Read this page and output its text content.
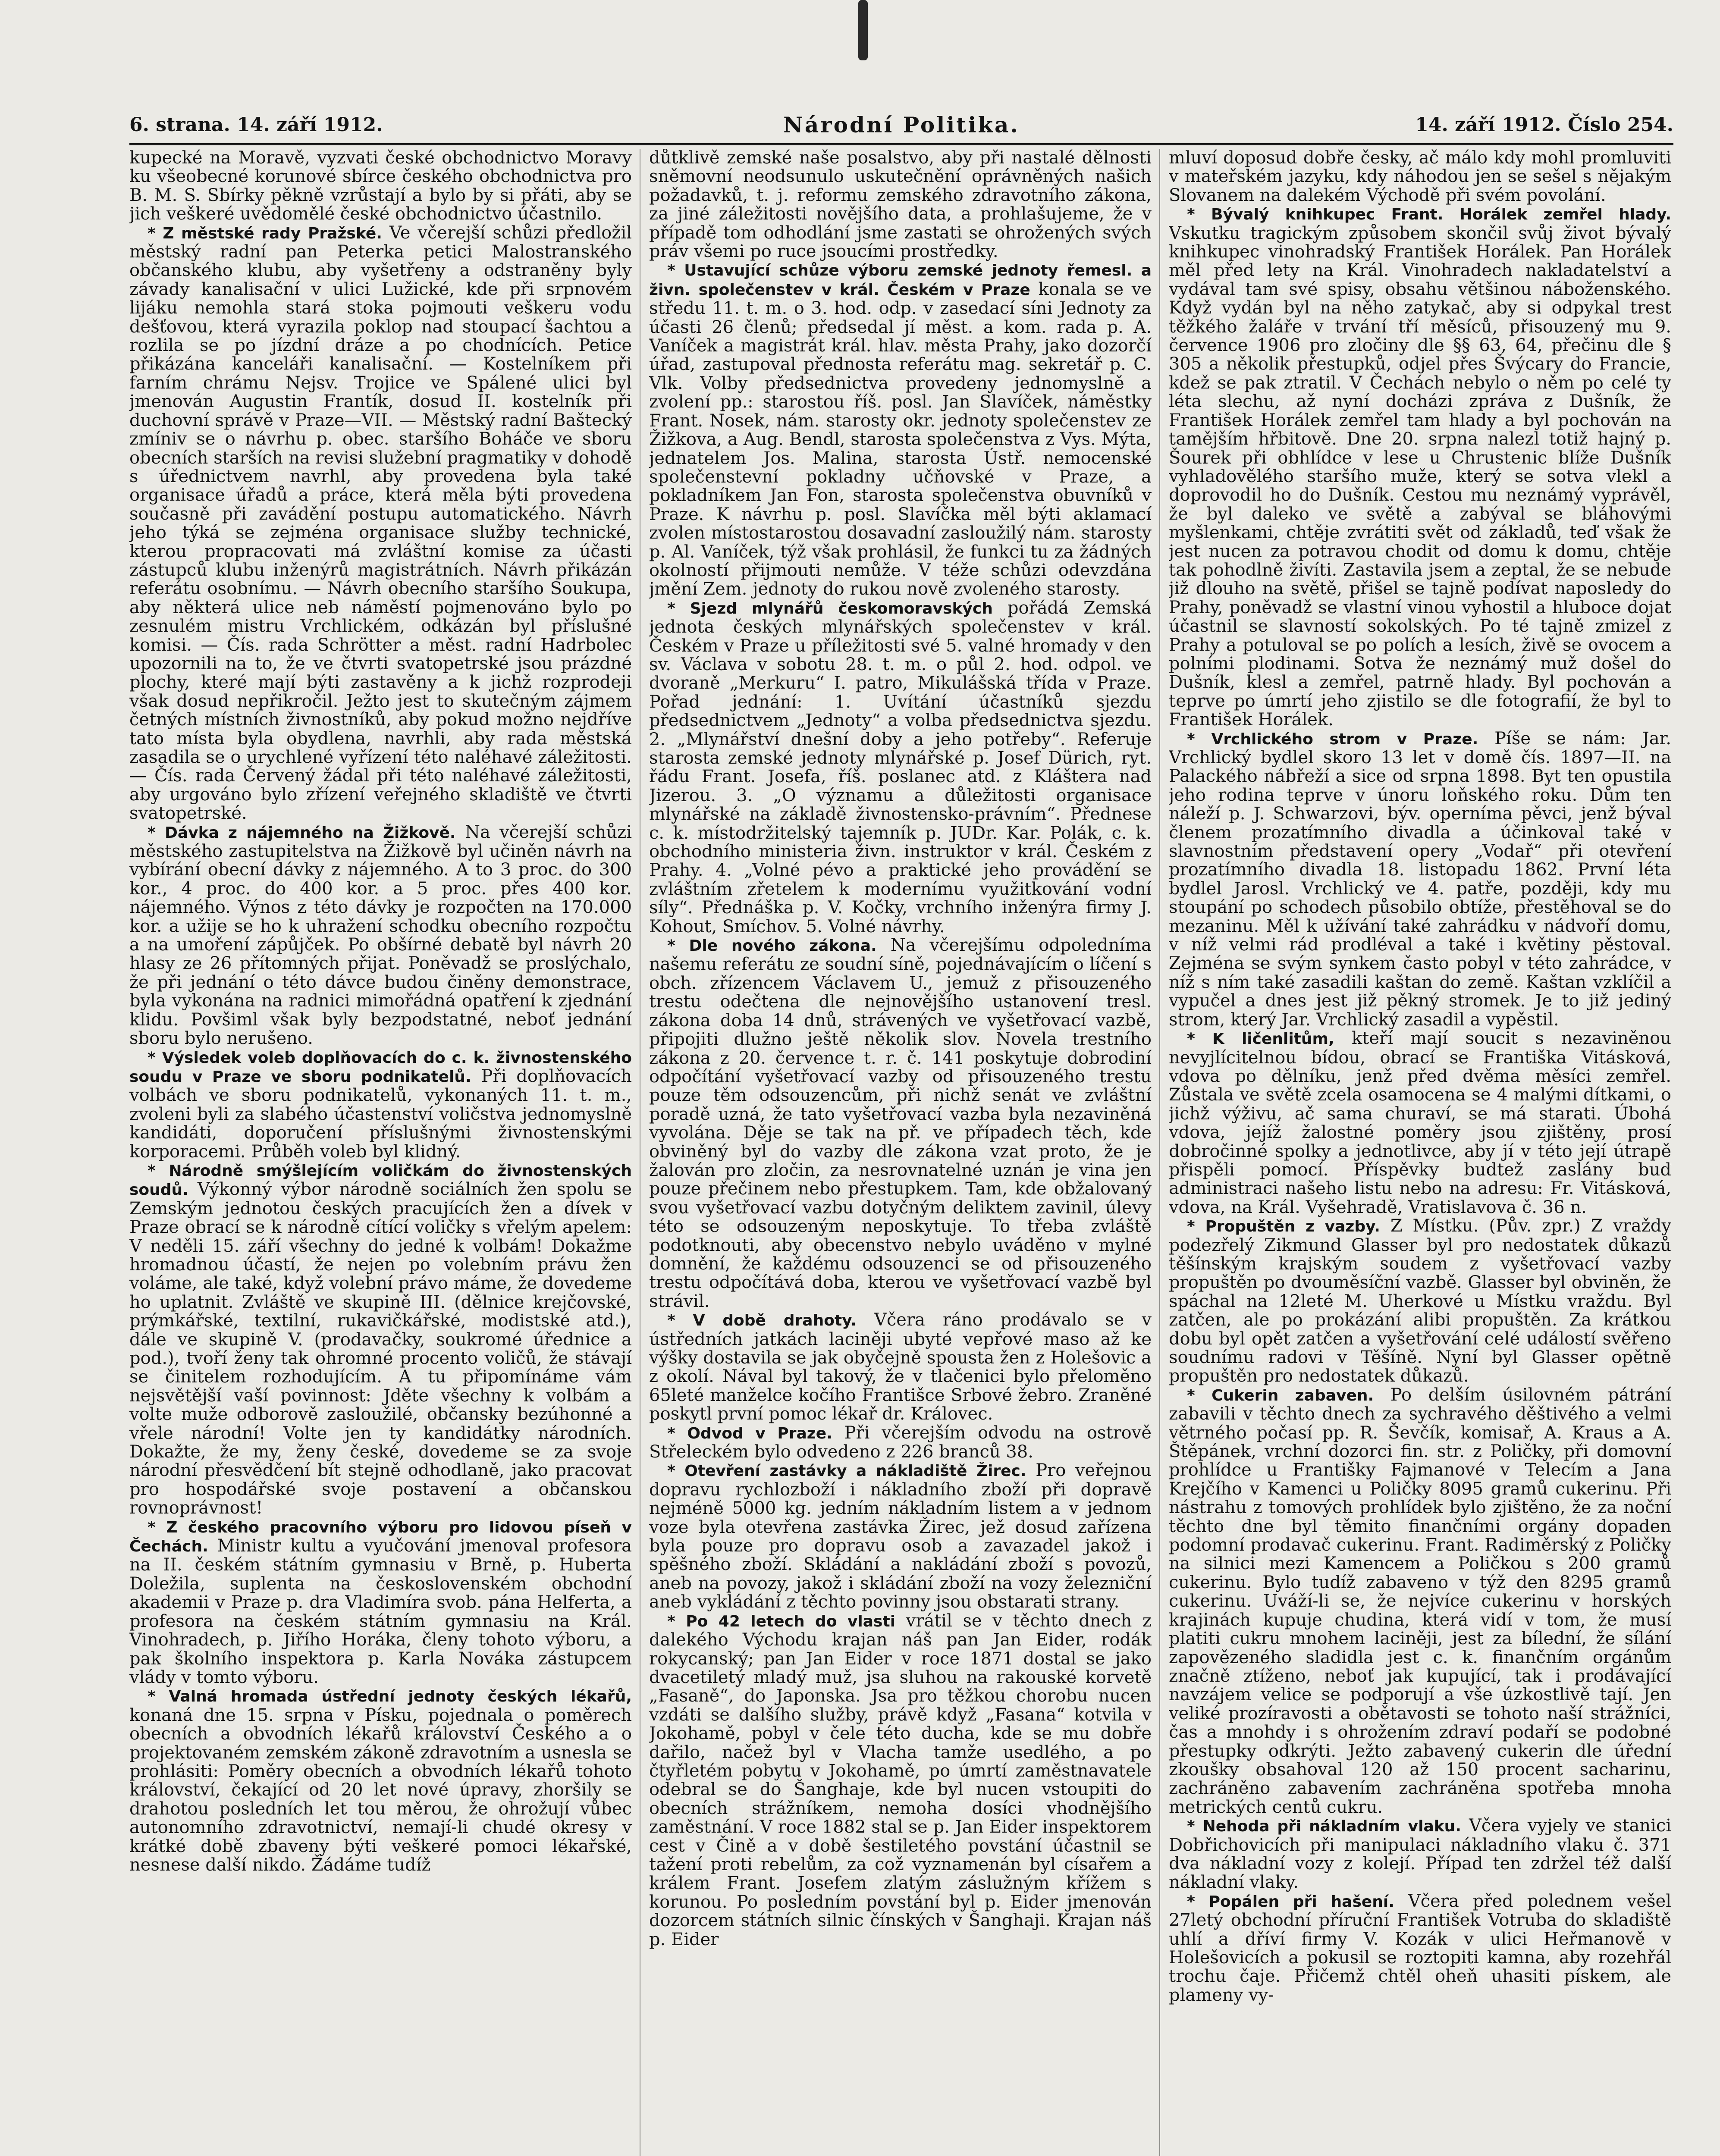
6. strana. 14. září 1912.	Národní Politika.	14. září 1912. Číslo 254.

kupecké na Moravě, vyzvati české obchodnictvo Moravy ku všeobecné korunové sbírce českého obchodnictva pro B. M. S. Sbírky pěkně vzrůstají a bylo by si přáti, aby se jich veškeré uvědomělé české obchodnictvo účastnilo.

* Z městské rady Pražské. Ve včerejší schůzi předložil městský radní pan Peterka petici Malostranského občanského klubu, aby vyšetřeny a odstraněny byly závady kanalisační v ulici Lužické, kde při srpnovém lijáku nemohla stará stoka pojmouti veškeru vodu dešťovou, která vyrazila poklop nad stoupací šachtou a rozlila se po jízdní dráze a po chodnících. Petice přikázána kanceláři kanalisační. — Kostelníkem při farním chrámu Nejsv. Trojice ve Spálené ulici byl jmenován Augustin Frantík, dosud II. kostelník při duchovní správě v Praze—VII. — Městský radní Baštecký zmíniv se o návrhu p. obec. staršího Boháče ve sboru obecních starších na revisi služební pragmatiky v dohodě s úřednictvem navrhl, aby provedena byla také organisace úřadů a práce, která měla býti provedena současně při zavádění postupu automatického. Návrh jeho týká se zejména organisace služby technické, kterou propracovati má zvláštní komise za účasti zástupců klubu inženýrů magistrátních. Návrh přikázán referátu osobnímu. — Návrh obecního staršího Soukupa, aby některá ulice neb náměstí pojmenováno bylo po zesnulém mistru Vrchlickém, odkázán byl příslušné komisi. — Čís. rada Schrötter a měst. radní Hadrbolec upozornili na to, že ve čtvrti svatopetrské jsou prázdné plochy, které mají býti zastavěny a k jichž rozprodeji však dosud nepřikročil. Ježto jest to skutečným zájmem četných místních živnostníků, aby pokud možno nejdříve tato místa byla obydlena, navrhli, aby rada městská zasadila se o urychlené vyřízení této naléhavé záležitosti. — Čís. rada Červený žádal při této naléhavé záležitosti, aby urgováno bylo zřízení veřejného skladiště ve čtvrti svatopetrské.

* Dávka z nájemného na Žižkově. Na včerejší schůzi městského zastupitelstva na Žižkově byl učiněn návrh na vybírání obecní dávky z nájemného. A to 3 proc. do 300 kor., 4 proc. do 400 kor. a 5 proc. přes 400 kor. nájemného. Výnos z této dávky je rozpočten na 170.000 kor. a užije se ho k uhražení schodku obecního rozpočtu a na umoření zápůjček. Po obšírné debatě byl návrh 20 hlasy ze 26 přítomných přijat. Poněvadž se proslýchalo, že při jednání o této dávce budou činěny demonstrace, byla vykonána na radnici mimořádná opatření k zjednání klidu. Povšiml však byly bezpodstatné, neboť jednání sboru bylo nerušeno.

* Výsledek voleb doplňovacích do c. k. živnostenského soudu v Praze ve sboru podnikatelů. Při doplňovacích volbách ve sboru podnikatelů, vykonaných 11. t. m., zvoleni byli za slabého účastenství voličstva jednomyslně kandidáti, doporučení příslušnými živnostenskými korporacemi. Průběh voleb byl klidný.

* Národně smýšlejícím voličkám do živnostenských soudů. Výkonný výbor národně sociálních žen spolu se Zemským jednotou českých pracujících žen a dívek v Praze obrací se k národně cítící voličky s vřelým apelem: V neděli 15. září všechny do jedné k volbám! Dokažme hromadnou účastí, že nejen po volebním právu žen voláme, ale také, když volební právo máme, že dovedeme ho uplatnit. Zvláště ve skupině III. (dělnice krejčovské, prýmkářské, textilní, rukavičkářské, modistské atd.), dále ve skupině V. (prodavačky, soukromé úřednice a pod.), tvoří ženy tak ohromné procento voličů, že stávají se činitelem rozhodujícím. A tu připomínáme vám nejsvětější vaší povinnost: Jděte všechny k volbám a volte muže odborově zasloužilé, občansky bezúhonné a vřele národní! Volte jen ty kandidátky národních. Dokažte, že my, ženy české, dovedeme se za svoje národní přesvědčení bít stejně odhodlaně, jako pracovat pro hospodářské svoje postavení a občanskou rovnoprávnost!

* Z českého pracovního výboru pro lidovou píseň v Čechách. Ministr kultu a vyučování jmenoval profesora na II. českém státním gymnasiu v Brně, p. Huberta Doležila, suplenta na československém obchodní akademii v Praze p. dra Vladimíra svob. pána Helferta, a profesora na českém státním gymnasiu na Král. Vinohradech, p. Jiřího Horáka, členy tohoto výboru, a pak školního inspektora p. Karla Nováka zástupcem vlády v tomto výboru.

* Valná hromada ústřední jednoty českých lékařů, konaná dne 15. srpna v Písku, pojednala o poměrech obecních a obvodních lékařů království Českého a o projektovaném zemském zákoně zdravotním a usnesla se prohlásiti: Poměry obecních a obvodních lékařů tohoto království, čekající od 20 let nové úpravy, zhoršily se drahotou posledních let tou měrou, že ohrožují vůbec autonomního zdravotnictví, nemají-li chudé okresy v krátké době zbaveny býti veškeré pomoci lékařské, nesnese další nikdo. Žádáme tudíž

důtklivě zemské naše posalstvo, aby při nastalé dělnosti sněmovní neodsunulo uskutečnění oprávněných našich požadavků, t. j. reformu zemského zdravotního zákona, za jiné záležitosti novějšího data, a prohlašujeme, že v případě tom odhodlání jsme zastati se ohrožených svých práv všemi po ruce jsoucími prostředky.

* Ustavující schůze výboru zemské jednoty řemesl. a živn. společenstev v král. Českém v Praze konala se ve středu 11. t. m. o 3. hod. odp. v zasedací síni Jednoty za účasti 26 členů; předsedal jí měst. a kom. rada p. A. Vaníček a magistrát král. hlav. města Prahy, jako dozorčí úřad, zastupoval přednosta referátu mag. sekretář p. C. Vlk. Volby předsednictva provedeny jednomyslně a zvolení pp.: starostou říš. posl. Jan Slavíček, náměstky Frant. Nosek, nám. starosty okr. jednoty společenstev ze Žižkova, a Aug. Bendl, starosta společenstva z Vys. Mýta, jednatelem Jos. Malina, starosta Ústř. nemocenské společenstevní pokladny učňovské v Praze, a pokladníkem Jan Fon, starosta společenstva obuvníků v Praze. K návrhu p. posl. Slavíčka měl býti aklamací zvolen místostarostou dosavadní zasloužilý nám. starosty p. Al. Vaníček, týž však prohlásil, že funkci tu za žádných okolností přijmouti nemůže. V téže schůzi odevzdána jmění Zem. jednoty do rukou nově zvoleného starosty.

* Sjezd mlynářů českomoravských pořádá Zemská jednota českých mlynářských společenstev v král. Českém v Praze u příležitosti své 5. valné hromady v den sv. Václava v sobotu 28. t. m. o půl 2. hod. odpol. ve dvoraně „Merkuru“ I. patro, Mikulášská třída v Praze. Pořad jednání: 1. Uvítání účastníků sjezdu předsednictvem „Jednoty“ a volba předsednictva sjezdu. 2. „Mlynářství dnešní doby a jeho potřeby“. Referuje starosta zemské jednoty mlynářské p. Josef Dürich, ryt. řádu Frant. Josefa, říš. poslanec atd. z Kláštera nad Jizerou. 3. „O významu a důležitosti organisace mlynářské na základě živnostensko-právním“. Přednese c. k. místodržitelský tajemník p. JUDr. Kar. Polák, c. k. obchodního ministeria živn. instruktor v král. Českém z Prahy. 4. „Volné pévo a praktické jeho provádění se zvláštním zřetelem k modernímu využitkování vodní síly“. Přednáška p. V. Kočky, vrchního inženýra firmy J. Kohout, Smíchov. 5. Volné návrhy.

* Dle nového zákona. Na včerejšímu odpoledníma našemu referátu ze soudní síně, pojednávajícím o líčení s obch. zřízencem Václavem U., jemuž z přisouzeného trestu odečtena dle nejnovějšího ustanovení tresl. zákona doba 14 dnů, strávených ve vyšetřovací vazbě, připojiti dlužno ještě několik slov. Novela trestního zákona z 20. července t. r. č. 141 poskytuje dobrodiní odpočítání vyšetřovací vazby od přisouzeného trestu pouze těm odsouzencům, při nichž senát ve zvláštní poradě uzná, že tato vyšetřovací vazba byla nezaviněná vyvolána. Děje se tak na př. ve případech těch, kde obviněný byl do vazby dle zákona vzat proto, že je žalován pro zločin, za nesrovnatelné uznán je vina jen pouze přečinem nebo přestupkem. Tam, kde obžalovaný svou vyšetřovací vazbu dotyčným deliktem zavinil, úlevy této se odsouzeným neposkytuje. To třeba zvláště podotknouti, aby obecenstvo nebylo uváděno v mylné domnění, že každému odsouzenci se od přisouzeného trestu odpočítává doba, kterou ve vyšetřovací vazbě byl strávil.

* V době drahoty. Včera ráno prodávalo se v ústředních jatkách laciněji ubyté vepřové maso až ke výšky dostavila se jak obyčejně spousta žen z Holešovic a z okolí. Nával byl takový, že v tlačenici bylo přeloměno 65leté manželce kočího Františce Srbové žebro. Zraněné poskytl první pomoc lékař dr. Královec.

* Odvod v Praze. Při včerejším odvodu na ostrově Střeleckém bylo odvedeno z 226 branců 38.

* Otevření zastávky a nákladiště Žirec. Pro veřejnou dopravu rychlozboží i nákladního zboží při dopravě nejméně 5000 kg. jedním nákladním listem a v jednom voze byla otevřena zastávka Žirec, jež dosud zařízena byla pouze pro dopravu osob a zavazadel jakož i spěšného zboží. Skládání a nakládání zboží s povozů, aneb na povozy, jakož i skládání zboží na vozy železniční aneb vykládání z těchto povinny jsou obstarati strany.

* Po 42 letech do vlasti vrátil se v těchto dnech z dalekého Východu krajan náš pan Jan Eider, rodák rokycanský; pan Jan Eider v roce 1871 dostal se jako dvacetiletý mladý muž, jsa sluhou na rakouské korvetě „Fasaně“, do Japonska. Jsa pro těžkou chorobu nucen vzdáti se dalšího služby, právě když „Fasana“ kotvila v Jokohamě, pobyl v čele této ducha, kde se mu dobře dařilo, načež byl v Vlacha tamže usedlého, a po čtyřletém pobytu v Jokohamě, po úmrtí zaměstnavatele odebral se do Šanghaje, kde byl nucen vstoupiti do obecních strážníkem, nemoha dosíci vhodnějšího zaměstnání. V roce 1882 stal se p. Jan Eider inspektorem cest v Čině a v době šestiletého povstání účastnil se tažení proti rebelům, za což vyznamenán byl císařem a králem Frant. Josefem zlatým záslužným křížem s korunou. Po posledním povstání byl p. Eider jmenován dozorcem státních silnic čínských v Šanghaji. Krajan náš p. Eider

mluví doposud dobře česky, ač málo kdy mohl promluviti v mateřském jazyku, kdy náhodou jen se sešel s nějakým Slovanem na dalekém Východě při svém povolání.

* Bývalý knihkupec Frant. Horálek zemřel hlady. Vskutku tragickým způsobem skončil svůj život bývalý knihkupec vinohradský František Horálek. Pan Horálek měl před lety na Král. Vinohradech nakladatelství a vydával tam své spisy, obsahu většinou náboženského. Když vydán byl na něho zatykač, aby si odpykal trest těžkého žaláře v trvání tří měsíců, přisouzený mu 9. července 1906 pro zločiny dle §§ 63, 64, přečinu dle § 305 a několik přestupků, odjel přes Švýcary do Francie, kdež se pak ztratil. V Čechách nebylo o něm po celé ty léta slechu, až nyní docházi zpráva z Dušník, že František Horálek zemřel tam hlady a byl pochován na tamějším hřbitově. Dne 20. srpna nalezl totiž hajný p. Šourek při obhlídce v lese u Chrustenic blíže Dušník vyhladovělého staršího muže, který se sotva vlekl a doprovodil ho do Dušník. Cestou mu neznámý vyprávěl, že byl daleko ve světě a zabýval se bláhovými myšlenkami, chtěje zvrátiti svět od základů, teď však že jest nucen za potravou chodit od domu k domu, chtěje tak pohodlně živíti. Zastavila jsem a zeptal, že se nebude již dlouho na světě, přišel se tajně podívat naposledy do Prahy, poněvadž se vlastní vinou vyhostil a hluboce dojat účastnil se slavností sokolských. Po té tajně zmizel z Prahy a potuloval se po polích a lesích, živě se ovocem a polními plodinami. Sotva že neznámý muž došel do Dušník, klesl a zemřel, patrně hlady. Byl pochován a teprve po úmrtí jeho zjistilo se dle fotografií, že byl to František Horálek.

* Vrchlického strom v Praze. Píše se nám: Jar. Vrchlický bydlel skoro 13 let v domě čís. 1897—II. na Palackého nábřeží a sice od srpna 1898. Byt ten opustila jeho rodina teprve v únoru loňského roku. Dům ten náleží p. J. Schwarzovi, býv. operníma pěvci, jenž býval členem prozatímního divadla a účinkoval také v slavnostním představení opery „Vodař“ při otevření prozatímního divadla 18. listopadu 1862. První léta bydlel Jarosl. Vrchlický ve 4. patře, později, kdy mu stoupání po schodech působilo obtíže, přestěhoval se do mezaninu. Měl k užívání také zahrádku v nádvoří domu, v níž velmi rád prodléval a také i květiny pěstoval. Zejména se svým synkem často pobyl v této zahrádce, v níž s ním také zasadili kaštan do země. Kaštan vzklíčil a vypučel a dnes jest již pěkný stromek. Je to již jediný strom, který Jar. Vrchlický zasadil a vypěstil.

* K ličenlitům, kteří mají soucit s nezaviněnou nevyjlícitelnou bídou, obrací se Františka Vitásková, vdova po dělníku, jenž před dvěma měsíci zemřel. Zůstala ve světě zcela osamocena se 4 malými dítkami, o jichž výživu, ač sama churaví, se má starati. Úbohá vdova, jejíž žalostné poměry jsou zjištěny, prosí dobročinné spolky a jednotlivce, aby jí v této její útrapě přispěli pomocí. Příspěvky budtež zaslány buď administraci našeho listu nebo na adresu: Fr. Vitásková, vdova, na Král. Vyšehradě, Vratislavova č. 36 n.

* Propuštěn z vazby. Z Místku. (Pův. zpr.) Z vraždy podezřelý Zikmund Glasser byl pro nedostatek důkazů těšínským krajským soudem z vyšetřovací vazby propuštěn po dvouměsíční vazbě. Glasser byl obviněn, že spáchal na 12leté M. Uherkové u Místku vraždu. Byl zatčen, ale po prokázání alibi propuštěn. Za krátkou dobu byl opět zatčen a vyšetřování celé událostí svěřeno soudnímu radovi v Těšíně. Nyní byl Glasser opětně propuštěn pro nedostatek důkazů.

* Cukerin zabaven. Po delším úsilovném pátrání zabavili v těchto dnech za sychravého děštivého a velmi větrného počasí pp. R. Ševčík, komisař, A. Kraus a A. Štěpánek, vrchní dozorci fin. str. z Poličky, při domovní prohlídce u Františky Fajmanové v Telecím a Jana Krejčího v Kamenci u Poličky 8095 gramů cukerinu. Při nástrahu z tomových prohlídek bylo zjištěno, že za noční těchto dne byl těmito finančními orgány dopaden podomní prodavač cukerinu. Frant. Radiměrský z Poličky na silnici mezi Kamencem a Poličkou s 200 gramů cukerinu. Bylo tudíž zabaveno v týž den 8295 gramů cukerinu. Uváží-li se, že nejvíce cukerinu v horských krajinách kupuje chudina, která vidí v tom, že musí platiti cukru mnohem laciněji, jest za bílední, že sílání zapovězeného sladidla jest c. k. finančním orgánům značně ztíženo, neboť jak kupující, tak i prodávající navzájem velice se podporují a vše úzkostlivě tají. Jen veliké prozíravosti a obětavosti se tohoto naší strážníci, čas a mnohdy i s ohrožením zdraví podaří se podobné přestupky odkrýti. Ježto zabavený cukerin dle úřední zkoušky obsahoval 120 až 150 procent sacharinu, zachráněno zabavením zachráněna spotřeba mnoha metrických centů cukru.

* Nehoda při nákladním vlaku. Včera vyjely ve stanici Dobřichovicích při manipulaci nákladního vlaku č. 371 dva nákladní vozy z kolejí. Případ ten zdržel též další nákladní vlaky.

* Popálen při hašení. Včera před polednem vešel 27letý obchodní příruční František Votruba do skladiště uhlí a dříví firmy V. Kozák v ulici Heřmanově v Holešovicích a pokusil se roztopiti kamna, aby rozehřál trochu čaje. Přičemž chtěl oheň uhasiti pískem, ale plameny vy-
